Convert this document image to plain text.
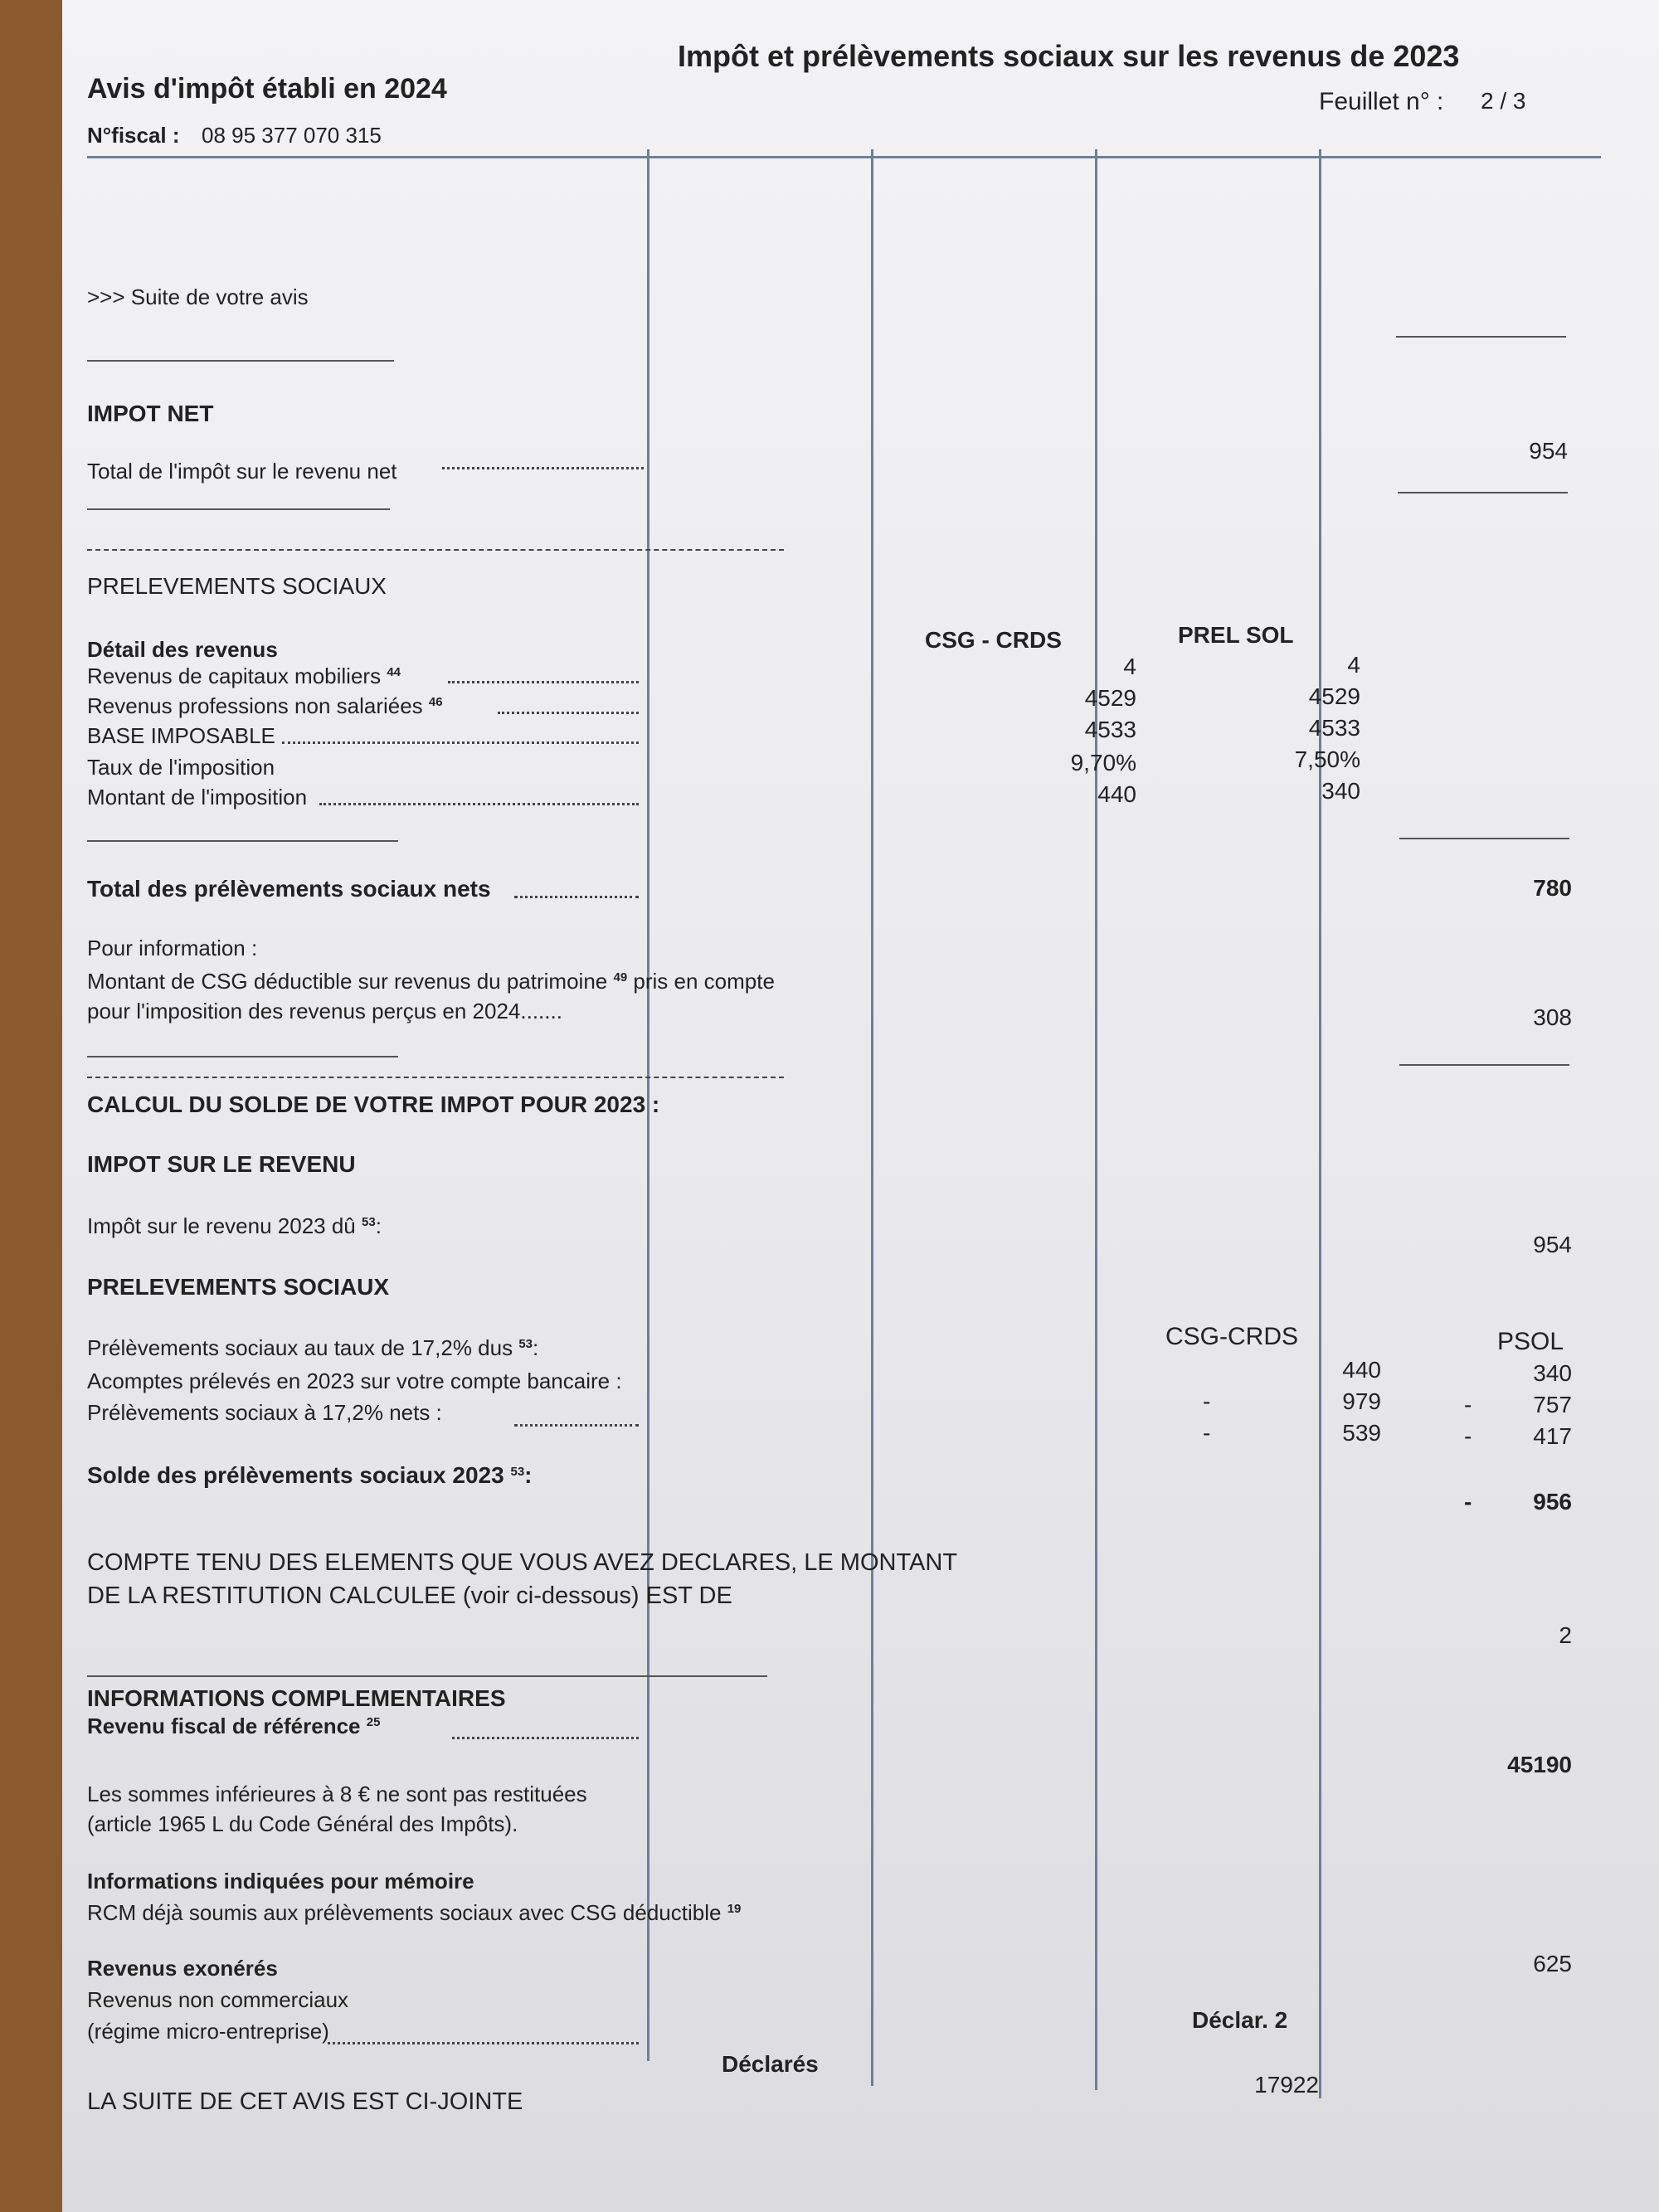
Avis d'impôt établi en 2024
Impôt et prélèvements sociaux sur les revenus de 2023
N°fiscal : 08 95 377 070 315
Feuillet n° : 2 / 3
>>> Suite de votre avis
IMPOT NET
Total de l'impôt sur le revenu net
954
PRELEVEMENTS SOCIAUX
CSG - CRDS	PREL SOL
Détail des revenus
Revenus de capitaux mobiliers $^{44}$	4	4
Revenus professions non salariées $^{46}$	4529	4529
BASE IMPOSABLE	4533	4533
Taux de l'imposition	9,70%	7,50%
Montant de l'imposition	440	340
Total des prélèvements sociaux nets	780
Pour information :
Montant de CSG déductible sur revenus du patrimoine $^{49}$ pris en compte
pour l'imposition des revenus perçus en 2024.......	308
CALCUL DU SOLDE DE VOTRE IMPOT POUR 2023 :
IMPOT SUR LE REVENU
Impôt sur le revenu 2023 dû $^{53}$:
954
PRELEVEMENTS SOCIAUX
CSG-CRDS	PSOL
Prélèvements sociaux au taux de 17,2% dus $^{53}$:
440	340
Acomptes prélevés en 2023 sur votre compte bancaire :
-	979	-	757
Prélèvements sociaux à 17,2% nets :
-	539	-	417
Solde des prélèvements sociaux 2023 $^{53}$:
-	956
COMPTE TENU DES ELEMENTS QUE VOUS AVEZ DECLARES, LE MONTANT
DE LA RESTITUTION CALCULEE (voir ci-dessous) EST DE
2
INFORMATIONS COMPLEMENTAIRES
Revenu fiscal de référence $^{25}$
45190
Les sommes inférieures à 8 € ne sont pas restituées
(article 1965 L du Code Général des Impôts).
Informations indiquées pour mémoire
RCM déjà soumis aux prélèvements sociaux avec CSG déductible $^{19}$
625
Revenus exonérés
Revenus non commerciaux
(régime micro-entreprise)	Déclar. 2
Déclarés
17922
LA SUITE DE CET AVIS EST CI-JOINTE
